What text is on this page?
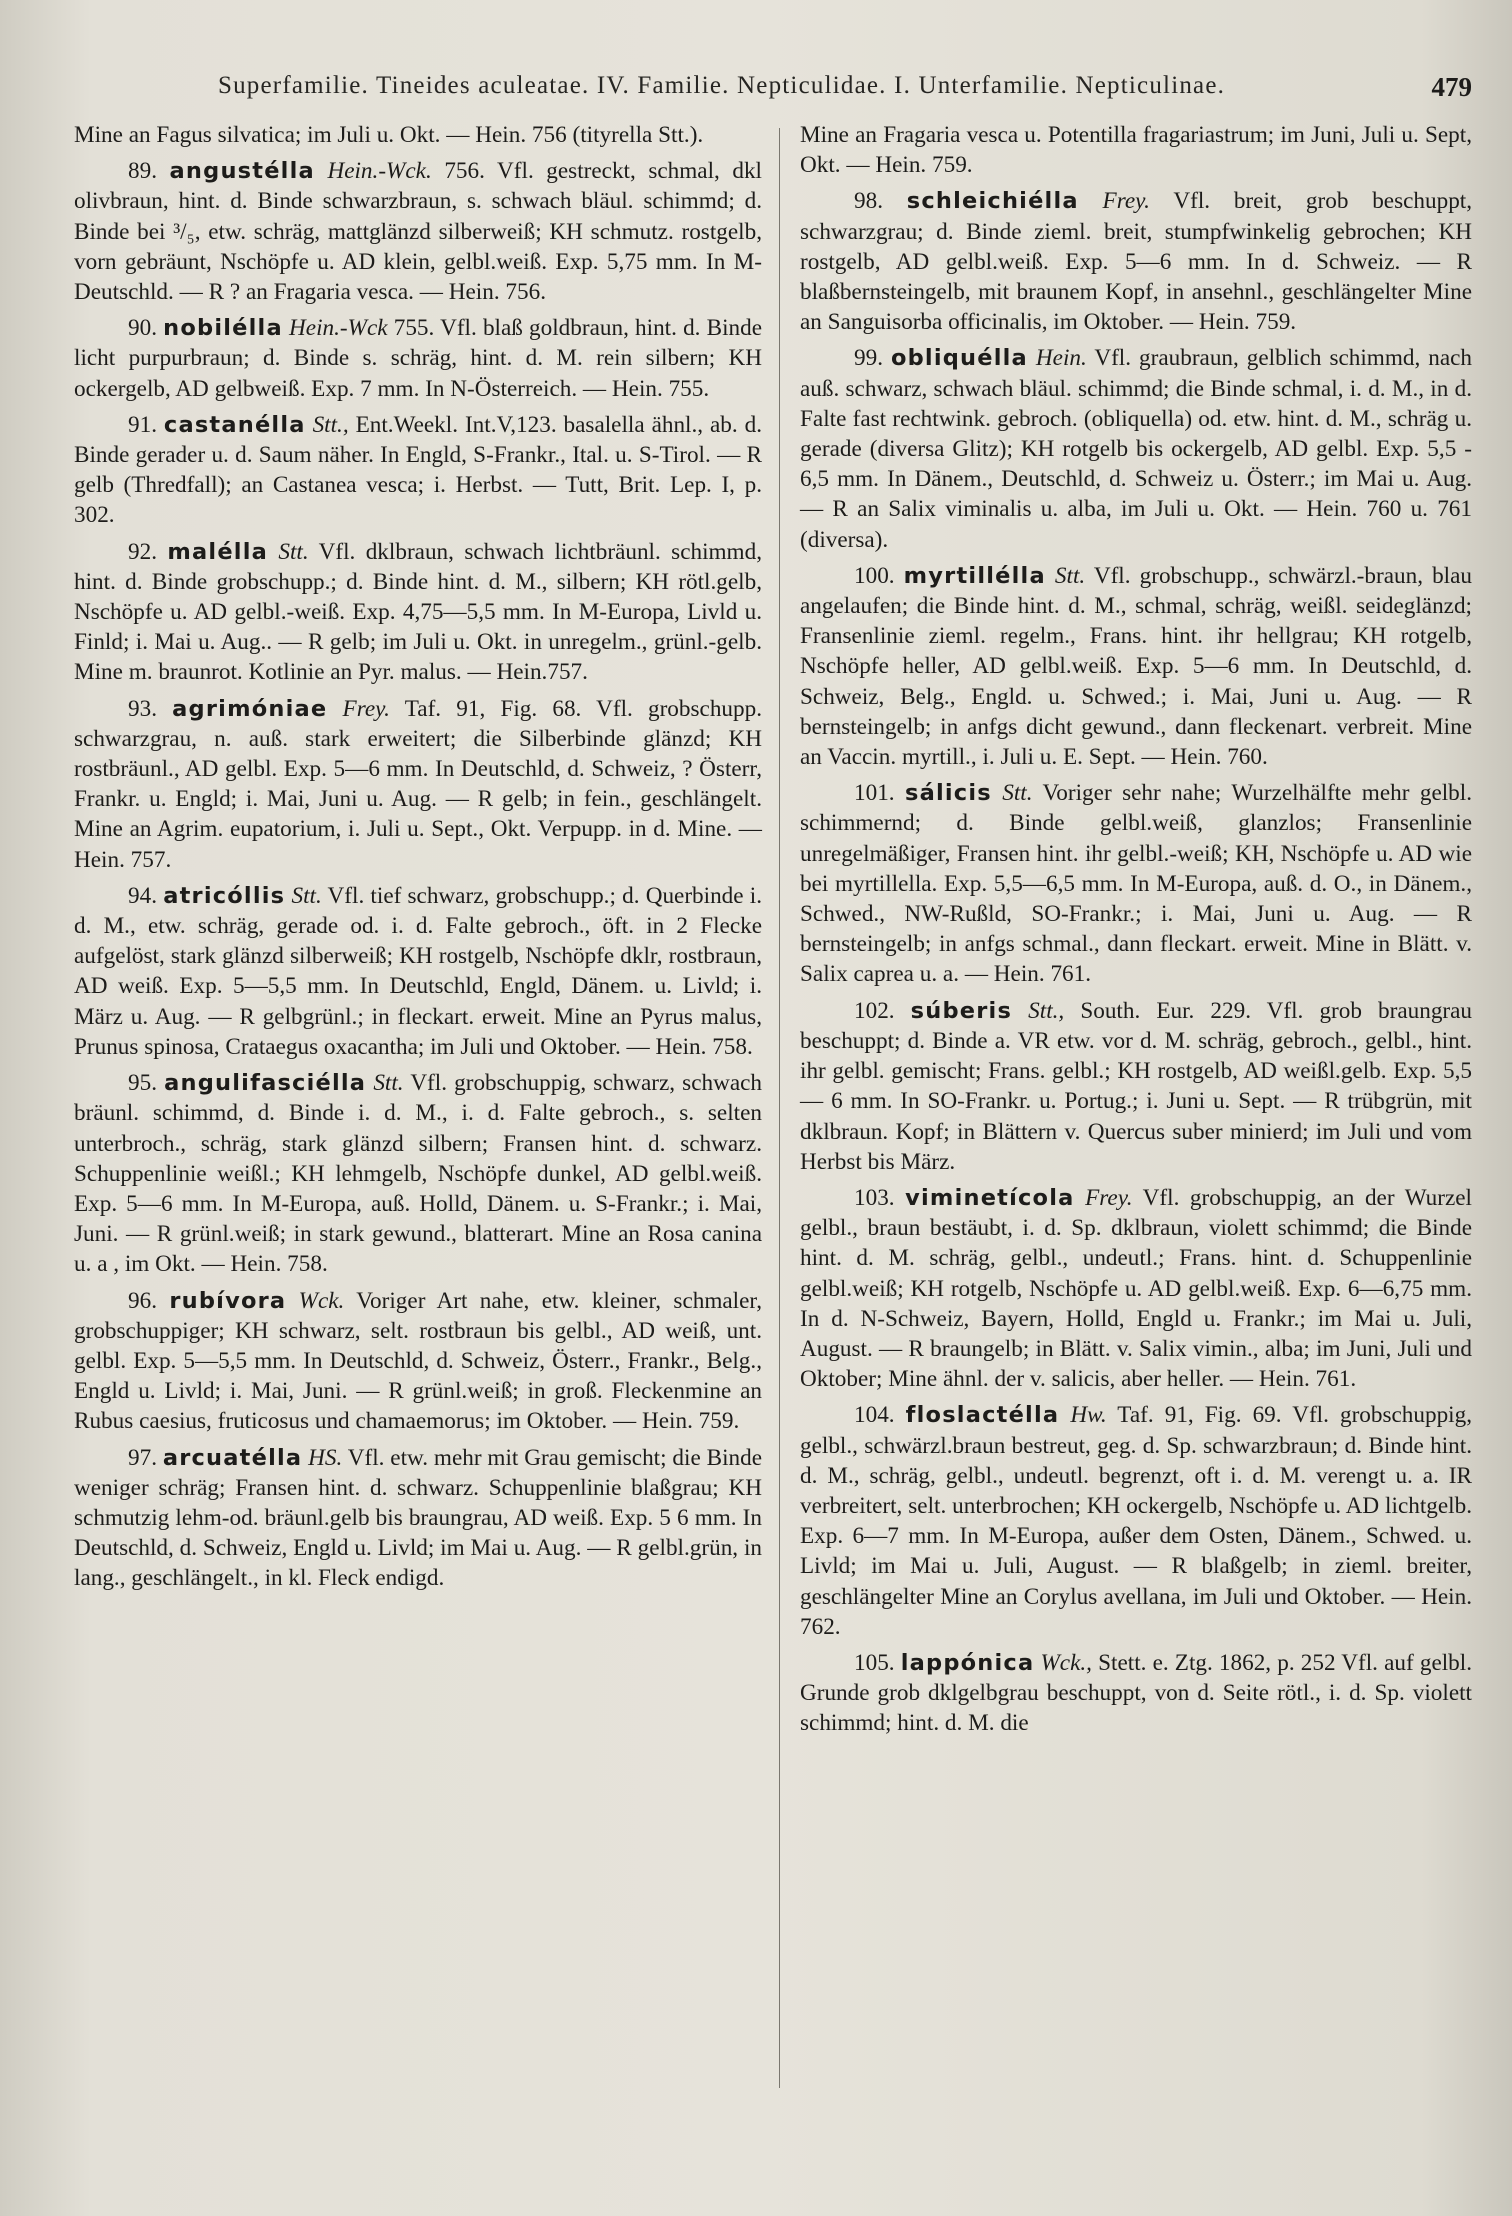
Superfamilie. Tineides aculeatae. IV. Familie. Nepticulidae. I. Unterfamilie. Nepticulinae.	479

Mine an Fagus silvatica; im Juli u. Okt. — Hein. 756 (tityrella Stt.).

89. angustélla Hein.-Wck. 756. Vfl. gestreckt, schmal, dkl olivbraun, hint. d. Binde schwarzbraun, s. schwach bläul. schimmd; d. Binde bei ³/₅, etw. schräg, mattglänzd silberweiß; KH schmutz. rostgelb, vorn gebräunt, Nschöpfe u. AD klein, gelbl.weiß. Exp. 5,75 mm. In M-Deutschld. — R ? an Fragaria vesca. — Hein. 756.

90. nobilélla Hein.-Wck 755. Vfl. blaß goldbraun, hint. d. Binde licht purpurbraun; d. Binde s. schräg, hint. d. M. rein silbern; KH ockergelb, AD gelbweiß. Exp. 7 mm. In N-Österreich. — Hein. 755.

91. castanélla Stt., Ent.Weekl. Int.V,123. basalella ähnl., ab. d. Binde gerader u. d. Saum näher. In Engld, S-Frankr., Ital. u. S-Tirol. — R gelb (Thredfall); an Castanea vesca; i. Herbst. — Tutt, Brit. Lep. I, p. 302.

92. malélla Stt. Vfl. dklbraun, schwach lichtbräunl. schimmd, hint. d. Binde grobschupp.; d. Binde hint. d. M., silbern; KH rötl.gelb, Nschöpfe u. AD gelbl.-weiß. Exp. 4,75—5,5 mm. In M-Europa, Livld u. Finld; i. Mai u. Aug.. — R gelb; im Juli u. Okt. in unregelm., grünl.-gelb. Mine m. braunrot. Kotlinie an Pyr. malus. — Hein.757.

93. agrimóniae Frey. Taf. 91, Fig. 68. Vfl. grobschupp. schwarzgrau, n. auß. stark erweitert; die Silberbinde glänzd; KH rostbräunl., AD gelbl. Exp. 5—6 mm. In Deutschld, d. Schweiz, ? Österr, Frankr. u. Engld; i. Mai, Juni u. Aug. — R gelb; in fein., geschlängelt. Mine an Agrim. eupatorium, i. Juli u. Sept., Okt. Verpupp. in d. Mine. — Hein. 757.

94. atricóllis Stt. Vfl. tief schwarz, grobschupp.; d. Querbinde i. d. M., etw. schräg, gerade od. i. d. Falte gebroch., öft. in 2 Flecke aufgelöst, stark glänzd silberweiß; KH rostgelb, Nschöpfe dklr, rostbraun, AD weiß. Exp. 5—5,5 mm. In Deutschld, Engld, Dänem. u. Livld; i. März u. Aug. — R gelbgrünl.; in fleckart. erweit. Mine an Pyrus malus, Prunus spinosa, Crataegus oxacantha; im Juli und Oktober. — Hein. 758.

95. angulifasciélla Stt. Vfl. grobschuppig, schwarz, schwach bräunl. schimmd, d. Binde i. d. M., i. d. Falte gebroch., s. selten unterbroch., schräg, stark glänzd silbern; Fransen hint. d. schwarz. Schuppenlinie weißl.; KH lehmgelb, Nschöpfe dunkel, AD gelbl.weiß. Exp. 5—6 mm. In M-Europa, auß. Holld, Dänem. u. S-Frankr.; i. Mai, Juni. — R grünl.weiß; in stark gewund., blatterart. Mine an Rosa canina u. a , im Okt. — Hein. 758.

96. rubívora Wck. Voriger Art nahe, etw. kleiner, schmaler, grobschuppiger; KH schwarz, selt. rostbraun bis gelbl., AD weiß, unt. gelbl. Exp. 5—5,5 mm. In Deutschld, d. Schweiz, Österr., Frankr., Belg., Engld u. Livld; i. Mai, Juni. — R grünl.weiß; in groß. Fleckenmine an Rubus caesius, fruticosus und chamaemorus; im Oktober. — Hein. 759.

97. arcuatélla HS. Vfl. etw. mehr mit Grau gemischt; die Binde weniger schräg; Fransen hint. d. schwarz. Schuppenlinie blaßgrau; KH schmutzig lehm-od. bräunl.gelb bis braungrau, AD weiß. Exp. 5 6 mm. In Deutschld, d. Schweiz, Engld u. Livld; im Mai u. Aug. — R gelbl.grün, in lang., geschlängelt., in kl. Fleck endigd.

Mine an Fragaria vesca u. Potentilla fragariastrum; im Juni, Juli u. Sept, Okt. — Hein. 759.

98. schleichiélla Frey. Vfl. breit, grob beschuppt, schwarzgrau; d. Binde zieml. breit, stumpfwinkelig gebrochen; KH rostgelb, AD gelbl.weiß. Exp. 5—6 mm. In d. Schweiz. — R blaßbernsteingelb, mit braunem Kopf, in ansehnl., geschlängelter Mine an Sanguisorba officinalis, im Oktober. — Hein. 759.

99. obliquélla Hein. Vfl. graubraun, gelblich schimmd, nach auß. schwarz, schwach bläul. schimmd; die Binde schmal, i. d. M., in d. Falte fast rechtwink. gebroch. (obliquella) od. etw. hint. d. M., schräg u. gerade (diversa Glitz); KH rotgelb bis ockergelb, AD gelbl. Exp. 5,5 - 6,5 mm. In Dänem., Deutschld, d. Schweiz u. Österr.; im Mai u. Aug. — R an Salix viminalis u. alba, im Juli u. Okt. — Hein. 760 u. 761 (diversa).

100. myrtillélla Stt. Vfl. grobschupp., schwärzl.-braun, blau angelaufen; die Binde hint. d. M., schmal, schräg, weißl. seideglänzd; Fransenlinie zieml. regelm., Frans. hint. ihr hellgrau; KH rotgelb, Nschöpfe heller, AD gelbl.weiß. Exp. 5—6 mm. In Deutschld, d. Schweiz, Belg., Engld. u. Schwed.; i. Mai, Juni u. Aug. — R bernsteingelb; in anfgs dicht gewund., dann fleckenart. verbreit. Mine an Vaccin. myrtill., i. Juli u. E. Sept. — Hein. 760.

101. sálicis Stt. Voriger sehr nahe; Wurzelhälfte mehr gelbl. schimmernd; d. Binde gelbl.weiß, glanzlos; Fransenlinie unregelmäßiger, Fransen hint. ihr gelbl.-weiß; KH, Nschöpfe u. AD wie bei myrtillella. Exp. 5,5—6,5 mm. In M-Europa, auß. d. O., in Dänem., Schwed., NW-Rußld, SO-Frankr.; i. Mai, Juni u. Aug. — R bernsteingelb; in anfgs schmal., dann fleckart. erweit. Mine in Blätt. v. Salix caprea u. a. — Hein. 761.

102. súberis Stt., South. Eur. 229. Vfl. grob braungrau beschuppt; d. Binde a. VR etw. vor d. M. schräg, gebroch., gelbl., hint. ihr gelbl. gemischt; Frans. gelbl.; KH rostgelb, AD weißl.gelb. Exp. 5,5 — 6 mm. In SO-Frankr. u. Portug.; i. Juni u. Sept. — R trübgrün, mit dklbraun. Kopf; in Blättern v. Quercus suber minierd; im Juli und vom Herbst bis März.

103. viminetícola Frey. Vfl. grobschuppig, an der Wurzel gelbl., braun bestäubt, i. d. Sp. dklbraun, violett schimmd; die Binde hint. d. M. schräg, gelbl., undeutl.; Frans. hint. d. Schuppenlinie gelbl.weiß; KH rotgelb, Nschöpfe u. AD gelbl.weiß. Exp. 6—6,75 mm. In d. N-Schweiz, Bayern, Holld, Engld u. Frankr.; im Mai u. Juli, August. — R braungelb; in Blätt. v. Salix vimin., alba; im Juni, Juli und Oktober; Mine ähnl. der v. salicis, aber heller. — Hein. 761.

104. floslactélla Hw. Taf. 91, Fig. 69. Vfl. grobschuppig, gelbl., schwärzl.braun bestreut, geg. d. Sp. schwarzbraun; d. Binde hint. d. M., schräg, gelbl., undeutl. begrenzt, oft i. d. M. verengt u. a. IR verbreitert, selt. unterbrochen; KH ockergelb, Nschöpfe u. AD lichtgelb. Exp. 6—7 mm. In M-Europa, außer dem Osten, Dänem., Schwed. u. Livld; im Mai u. Juli, August. — R blaßgelb; in zieml. breiter, geschlängelter Mine an Corylus avellana, im Juli und Oktober. — Hein. 762.

105. lappónica Wck., Stett. e. Ztg. 1862, p. 252 Vfl. auf gelbl. Grunde grob dklgelbgrau beschuppt, von d. Seite rötl., i. d. Sp. violett schimmd; hint. d. M. die
